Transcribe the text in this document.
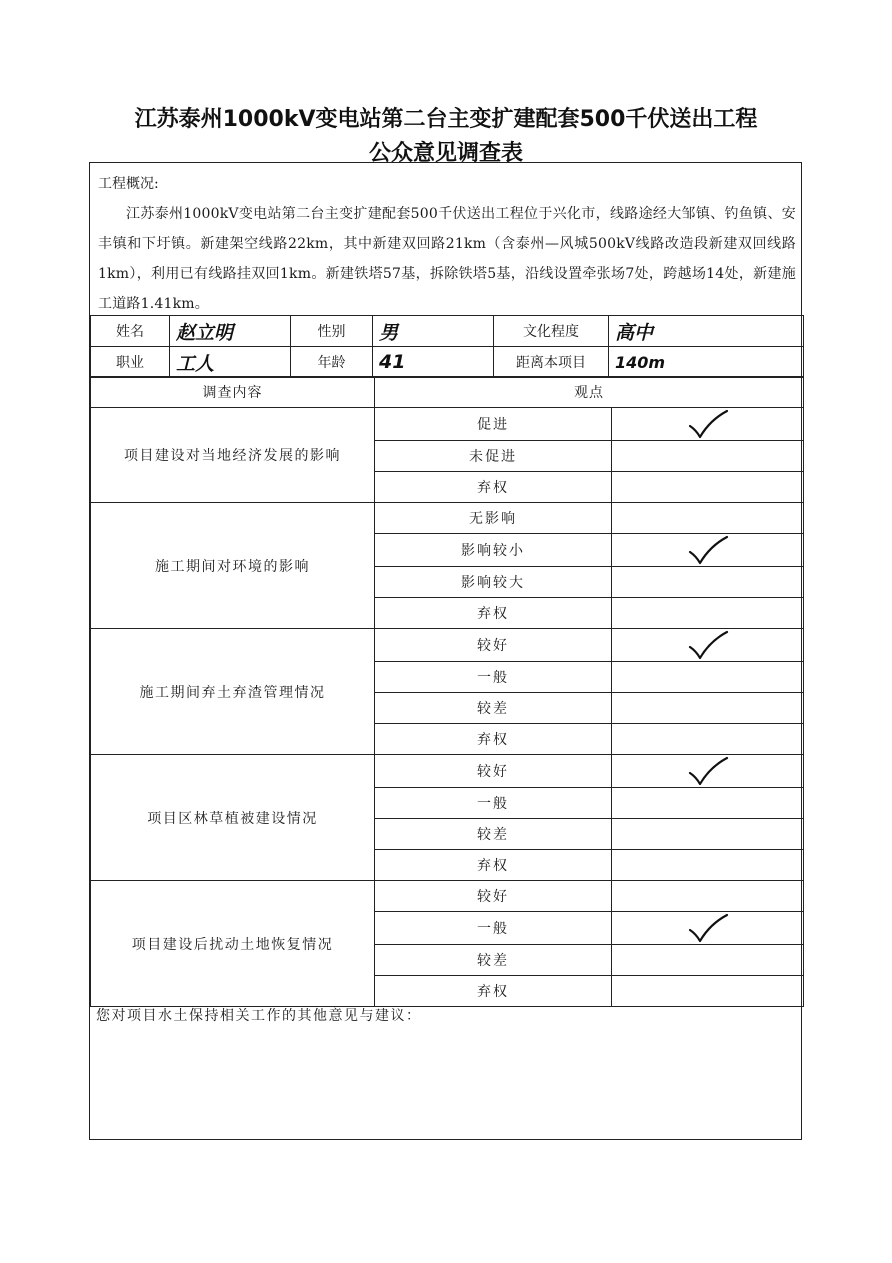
江苏泰州1000kV变电站第二台主变扩建配套500千伏送出工程
公众意见调查表
工程概况:
江苏泰州1000kV变电站第二台主变扩建配套500千伏送出工程位于兴化市，线路途经大邹镇、钓鱼镇、安丰镇和下圩镇。新建架空线路22km，其中新建双回路21km（含泰州—风城500kV线路改造段新建双回线路1km），利用已有线路挂双回1km。新建铁塔57基，拆除铁塔5基，沿线设置牵张场7处，跨越场14处，新建施工道路1.41km。
姓名	赵立明	性别	男	文化程度	高中
职业	工人	年龄	41	距离本项目	140m
调查内容	观点	
项目建设对当地经济发展的影响	促进	
	未促进	
	弃权	
施工期间对环境的影响	无影响	
	影响较小	
	影响较大	
	弃权	
施工期间弃土弃渣管理情况	较好	
	一般	
	较差	
	弃权	
项目区林草植被建设情况	较好	
	一般	
	较差	
	弃权	
项目建设后扰动土地恢复情况	较好	
	一般	
	较差	
	弃权	
您对项目水土保持相关工作的其他意见与建议：
